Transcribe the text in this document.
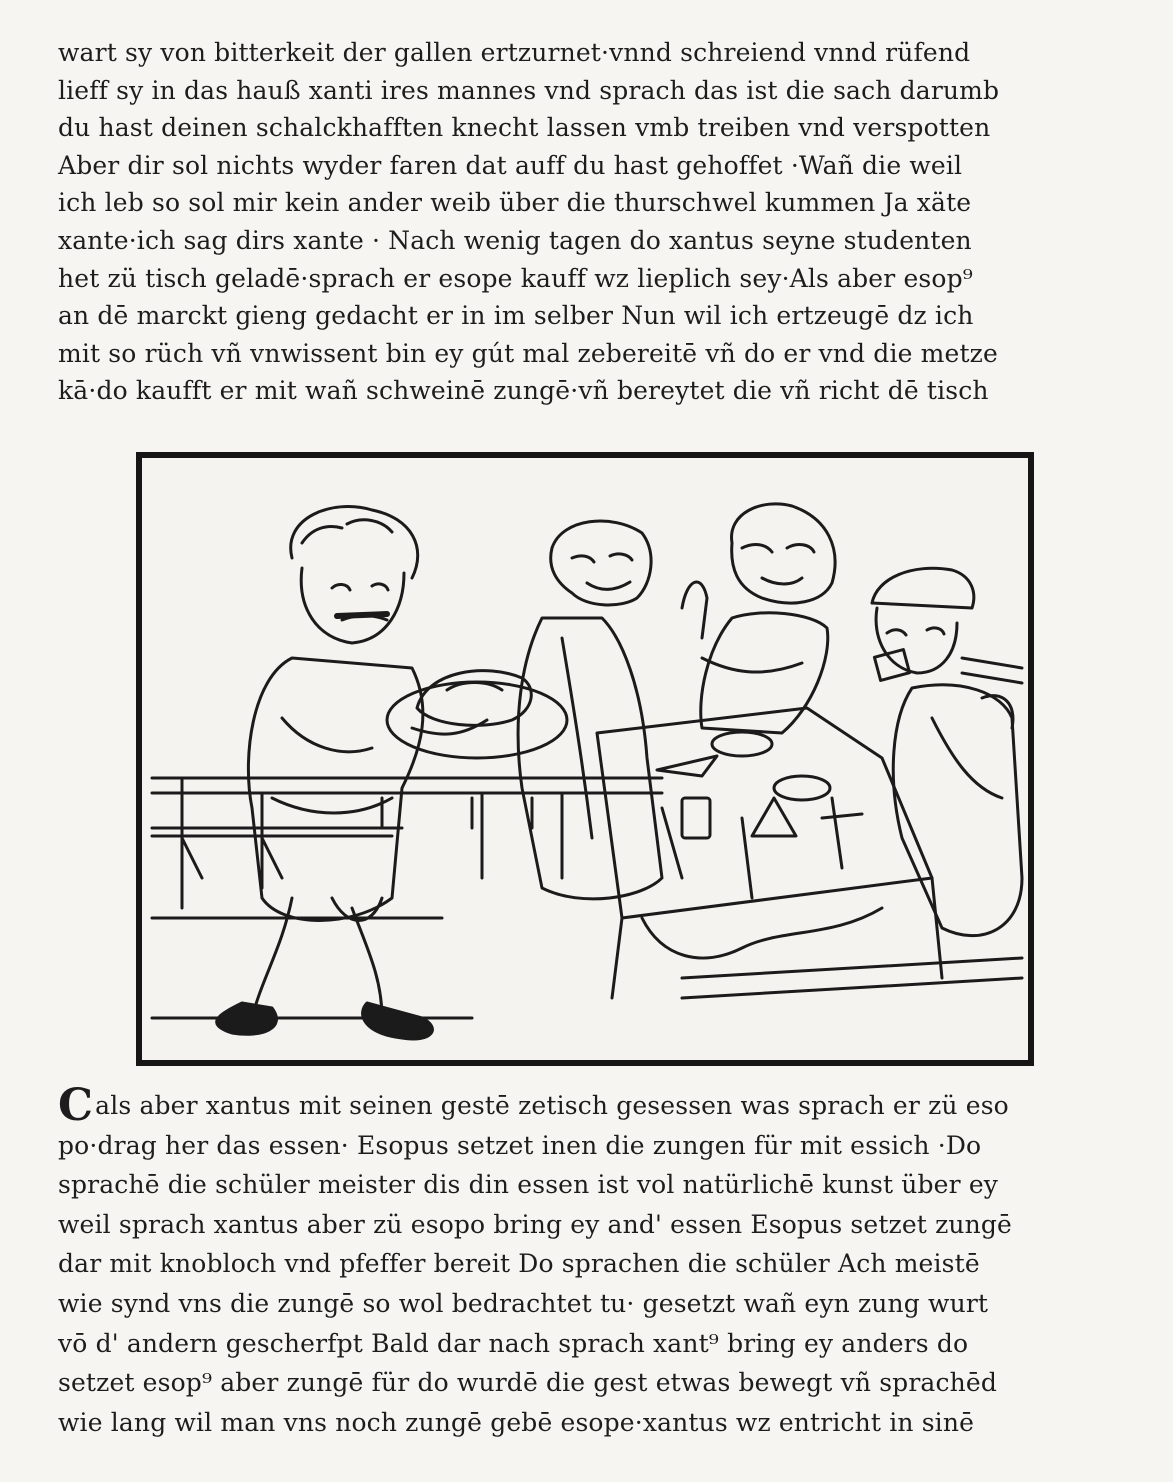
wart sy von bitterkeit der gallen ertzurnet·vnnd schreiend vnnd rüfend
lieff sy in das hauß xanti ires mannes vnd sprach das ist die sach darumb
du hast deinen schalckhafften knecht lassen vmb treiben vnd verspotten
Aber dir sol nichts wyder faren dat auff du hast gehoffet ·Wañ die weil
ich leb so sol mir kein ander weib über die thurschwel kummen Ja xäte
xante·ich sag dirs xante · Nach wenig tagen do xantus seyne studenten
het zü tisch geladē·sprach er esope kauff wz lieplich sey·Als aber esop⁹
an dē marckt gieng gedacht er in im selber Nun wil ich ertzeugē dz ich
mit so rüch vñ vnwissent bin ey gút mal zebereitē vñ do er vnd die metze
kā·do kaufft er mit wañ schweinē zungē·vñ bereytet die vñ richt dē tisch
Cals aber xantus mit seinen gestē zetisch gesessen was sprach er zü eso
po·drag her das essen· Esopus setzet inen die zungen für mit essich ·Do
sprachē die schüler meister dis din essen ist vol natürlichē kunst über ey
weil sprach xantus aber zü esopo bring ey and' essen Esopus setzet zungē
dar mit knobloch vnd pfeffer bereit Do sprachen die schüler Ach meistē
wie synd vns die zungē so wol bedrachtet tu· gesetzt wañ eyn zung wurt
vō d' andern gescherfpt Bald dar nach sprach xant⁹ bring ey anders do
setzet esop⁹ aber zungē für do wurdē die gest etwas bewegt vñ sprachēd
wie lang wil man vns noch zungē gebē esope·xantus wz entricht in sinē
